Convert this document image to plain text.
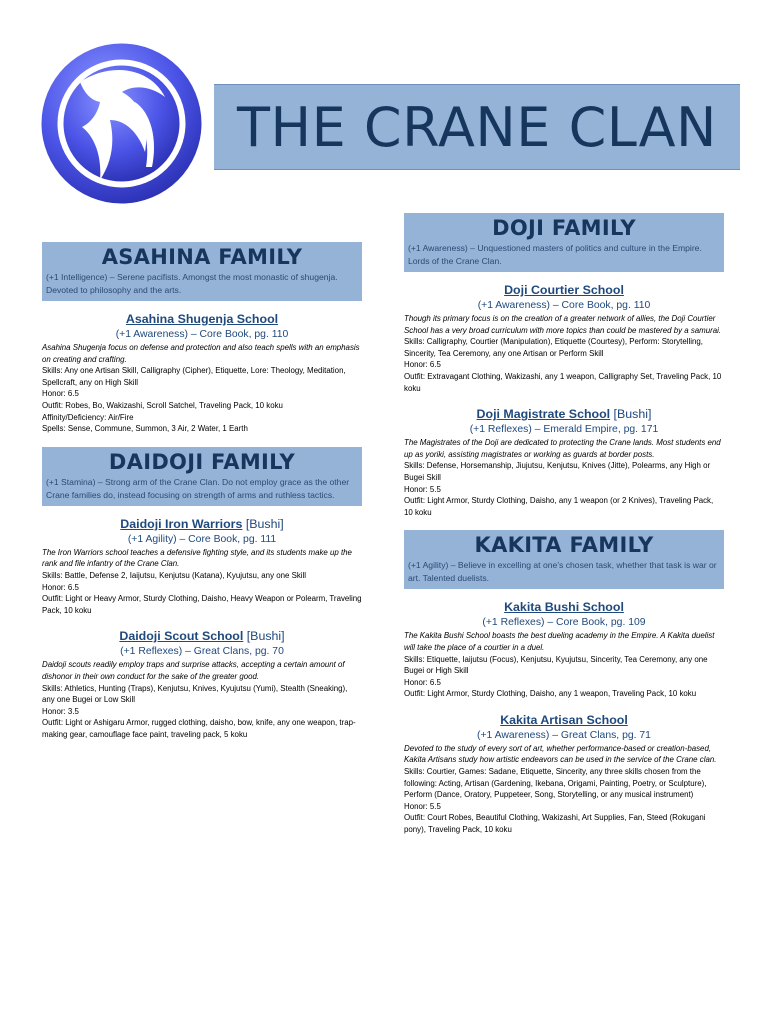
THE CRANE CLAN
ASAHINA FAMILY

(+1 Intelligence) – Serene pacifists. Amongst the most monastic of shugenja. Devoted to philosophy and the arts.

Asahina Shugenja School
(+1 Awareness) – Core Book, pg. 110

Asahina Shugenja focus on defense and protection and also teach spells with an emphasis on creating and crafting.

Skills: Any one Artisan Skill, Calligraphy (Cipher), Etiquette, Lore: Theology, Meditation, Spellcraft, any on High Skill

Honor: 6.5

Outfit: Robes, Bo, Wakizashi, Scroll Satchel, Traveling Pack, 10 koku

Affinity/Deficiency: Air/Fire

Spells: Sense, Commune, Summon, 3 Air, 2 Water, 1 Earth

DAIDOJI FAMILY

(+1 Stamina) – Strong arm of the Crane Clan. Do not employ grace as the other Crane families do, instead focusing on strength of arms and ruthless tactics.

Daidoji Iron Warriors [Bushi]
(+1 Agility) – Core Book, pg. 111

The Iron Warriors school teaches a defensive fighting style, and its students make up the rank and file infantry of the Crane Clan.

Skills: Battle, Defense 2, Iaijutsu, Kenjutsu (Katana), Kyujutsu, any one Skill

Honor: 6.5

Outfit: Light or Heavy Armor, Sturdy Clothing, Daisho, Heavy Weapon or Polearm, Traveling Pack, 10 koku

Daidoji Scout School [Bushi]
(+1 Reflexes) – Great Clans, pg. 70

Daidoji scouts readily employ traps and surprise attacks, accepting a certain amount of dishonor in their own conduct for the sake of the greater good.

Skills: Athletics, Hunting (Traps), Kenjutsu, Knives, Kyujutsu (Yumi), Stealth (Sneaking), any one Bugei or Low Skill

Honor: 3.5

Outfit: Light or Ashigaru Armor, rugged clothing, daisho, bow, knife, any one weapon, trap-making gear, camouflage face paint, traveling pack, 5 koku

DOJI FAMILY

(+1 Awareness) – Unquestioned masters of politics and culture in the Empire. Lords of the Crane Clan.

Doji Courtier School
(+1 Awareness) – Core Book, pg. 110

Though its primary focus is on the creation of a greater network of allies, the Doji Courtier School has a very broad curriculum with more topics than could be mastered by a samurai.

Skills: Calligraphy, Courtier (Manipulation), Etiquette (Courtesy), Perform: Storytelling, Sincerity, Tea Ceremony, any one Artisan or Perform Skill

Honor: 6.5

Outfit: Extravagant Clothing, Wakizashi, any 1 weapon, Calligraphy Set, Traveling Pack, 10 koku

Doji Magistrate School [Bushi]
(+1 Reflexes) – Emerald Empire, pg. 171

The Magistrates of the Doji are dedicated to protecting the Crane lands. Most students end up as yoriki, assisting magistrates or working as guards at border posts.

Skills: Defense, Horsemanship, Jiujutsu, Kenjutsu, Knives (Jitte), Polearms, any High or Bugei Skill

Honor: 5.5

Outfit: Light Armor, Sturdy Clothing, Daisho, any 1 weapon (or 2 Knives), Traveling Pack, 10 koku

KAKITA FAMILY

(+1 Agility) – Believe in excelling at one’s chosen task, whether that task is war or art. Talented duelists.

Kakita Bushi School
(+1 Reflexes) – Core Book, pg. 109

The Kakita Bushi School boasts the best dueling academy in the Empire. A Kakita duelist will take the place of a courtier in a duel.

Skills: Etiquette, Iaijutsu (Focus), Kenjutsu, Kyujutsu, Sincerity, Tea Ceremony, any one Bugei or High Skill

Honor: 6.5

Outfit: Light Armor, Sturdy Clothing, Daisho, any 1 weapon, Traveling Pack, 10 koku

Kakita Artisan School
(+1 Awareness) – Great Clans, pg. 71

Devoted to the study of every sort of art, whether performance-based or creation-based, Kakita Artisans study how artistic endeavors can be used in the service of the Crane clan.

Skills: Courtier, Games: Sadane, Etiquette, Sincerity, any three skills chosen from the following: Acting, Artisan (Gardening, Ikebana, Origami, Painting, Poetry, or Sculpture), Perform (Dance, Oratory, Puppeteer, Song, Storytelling, or any musical instrument)

Honor: 5.5

Outfit: Court Robes, Beautiful Clothing, Wakizashi, Art Supplies, Fan, Steed (Rokugani pony), Traveling Pack, 10 koku
